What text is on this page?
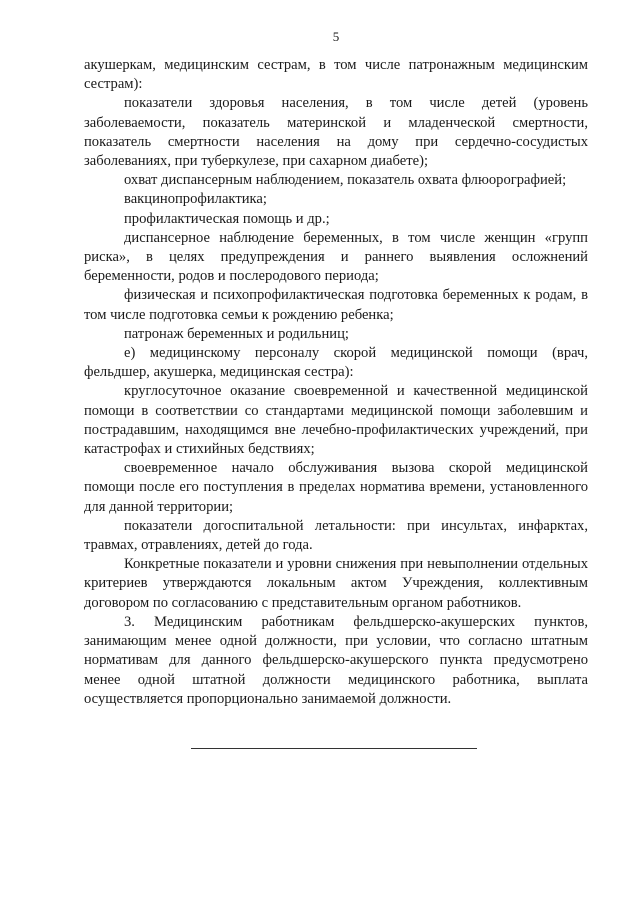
5

акушеркам, медицинским сестрам, в том числе патронажным медицинским сестрам):

показатели здоровья населения, в том числе детей (уровень заболеваемости, показатель материнской и младенческой смертности, показатель смертности населения на дому при сердечно-сосудистых заболеваниях, при туберкулезе, при сахарном диабете);

охват диспансерным наблюдением, показатель охвата флюорографией;

вакцинопрофилактика;

профилактическая помощь и др.;

диспансерное наблюдение беременных, в том числе женщин «групп риска», в целях предупреждения и раннего выявления осложнений беременности, родов и послеродового периода;

физическая и психопрофилактическая подготовка беременных к родам, в том числе подготовка семьи к рождению ребенка;

патронаж беременных и родильниц;

е) медицинскому персоналу скорой медицинской помощи (врач, фельдшер, акушерка, медицинская сестра):

круглосуточное оказание своевременной и качественной медицинской помощи в соответствии со стандартами медицинской помощи заболевшим и пострадавшим, находящимся вне лечебно-профилактических учреждений, при катастрофах и стихийных бедствиях;

своевременное начало обслуживания вызова скорой медицинской помощи после его поступления в пределах норматива времени, установленного для данной территории;

показатели догоспитальной летальности: при инсультах, инфарктах, травмах, отравлениях, детей до года.

Конкретные показатели и уровни снижения при невыполнении отдельных критериев утверждаются локальным актом Учреждения, коллективным договором по согласованию с представительным органом работников.

3. Медицинским работникам фельдшерско-акушерских пунктов, занимающим менее одной должности, при условии, что согласно штатным нормативам для данного фельдшерско-акушерского пункта предусмотрено менее одной штатной должности медицинского работника, выплата осуществляется пропорционально занимаемой должности.
